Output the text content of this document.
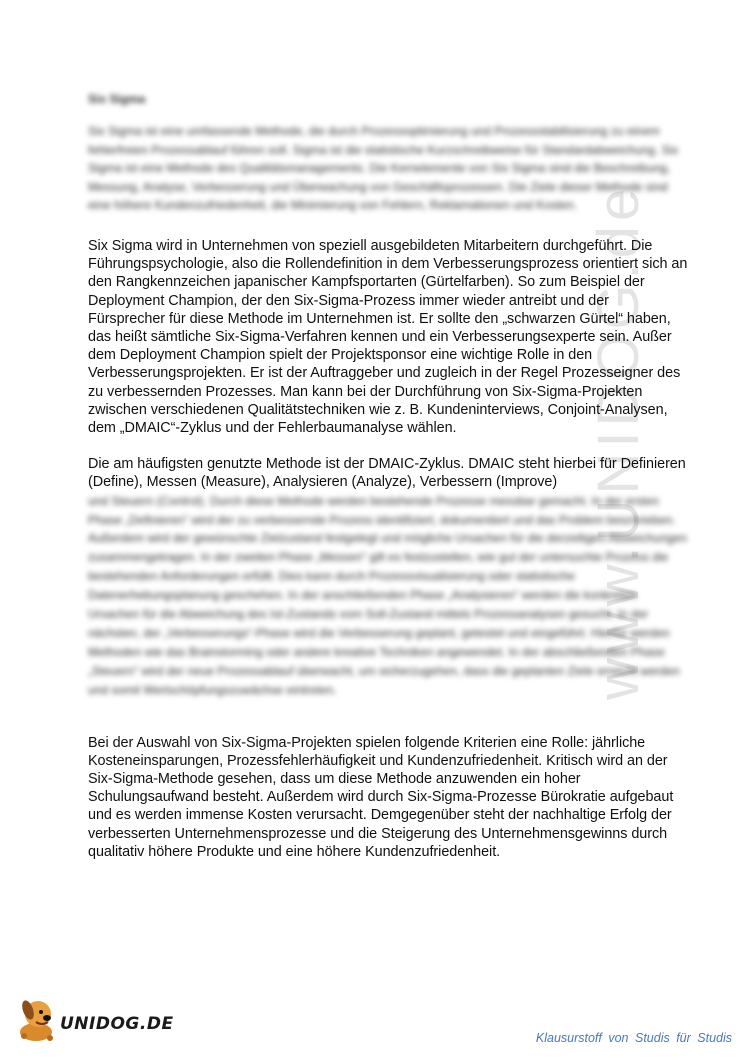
www.UNIDOG.de
Six Sigma

Six Sigma ist eine umfassende Methode, die durch Prozessoptimierung und Prozessstabilisierung zu einem fehlerfreien Prozessablauf führen soll. Sigma ist die statistische Kurzschreibweise für Standardabweichung. Six Sigma ist eine Methode des Qualitätsmanagements. Die Kernelemente von Six Sigma sind die Beschreibung, Messung, Analyse, Verbesserung und Überwachung von Geschäftsprozessen. Die Ziele dieser Methode sind eine höhere Kundenzufriedenheit, die Minimierung von Fehlern, Reklamationen und Kosten.

Six Sigma wird in Unternehmen von speziell ausgebildeten Mitarbeitern durchgeführt. Die Führungspsychologie, also die Rollendefinition in dem Verbesserungsprozess orientiert sich an den Rangkennzeichen japanischer Kampfsportarten (Gürtelfarben). So zum Beispiel der Deployment Champion, der den Six-Sigma-Prozess immer wieder antreibt und der Fürsprecher für diese Methode im Unternehmen ist. Er sollte den „schwarzen Gürtel“ haben, das heißt sämtliche Six-Sigma-Verfahren kennen und ein Verbesserungsexperte sein. Außer dem Deployment Champion spielt der Projektsponsor eine wichtige Rolle in den Verbesserungsprojekten. Er ist der Auftraggeber und zugleich in der Regel Prozesseigner des zu verbessernden Prozesses. Man kann bei der Durchführung von Six-Sigma-Projekten zwischen verschiedenen Qualitätstechniken wie z. B. Kundeninterviews, Conjoint-Analysen, dem „DMAIC“-Zyklus und der Fehlerbaumanalyse wählen.

Die am häufigsten genutzte Methode ist der DMAIC-Zyklus. DMAIC steht hierbei für Definieren (Define), Messen (Measure), Analysieren (Analyze), Verbessern (Improve)

und Steuern (Control). Durch diese Methode werden bestehende Prozesse messbar gemacht. In der ersten Phase „Definieren“ wird der zu verbessernde Prozess identifiziert, dokumentiert und das Problem beschrieben. Außerdem wird der gewünschte Zielzustand festgelegt und mögliche Ursachen für die derzeitigen Abweichungen zusammengetragen. In der zweiten Phase „Messen“ gilt es festzustellen, wie gut der untersuchte Prozess die bestehenden Anforderungen erfüllt. Dies kann durch Prozessvisualisierung oder statistische Datenerhebungsplanung geschehen. In der anschließenden Phase „Analysieren“ werden die konkreten Ursachen für die Abweichung des Ist-Zustands vom Soll-Zustand mittels Prozessanalysen gesucht. In der nächsten, der „Verbesserungs“-Phase wird die Verbesserung geplant, getestet und eingeführt. Hierfür werden Methoden wie das Brainstorming oder andere kreative Techniken angewendet. In der abschließenden Phase „Steuern“ wird der neue Prozessablauf überwacht, um sicherzugehen, dass die geplanten Ziele erreicht werden und somit Wertschöpfungszuwächse eintreten.

Bei der Auswahl von Six-Sigma-Projekten spielen folgende Kriterien eine Rolle: jährliche Kosteneinsparungen, Prozessfehlerhäufigkeit und Kundenzufriedenheit. Kritisch wird an der Six-Sigma-Methode gesehen, dass um diese Methode anzuwenden ein hoher Schulungsaufwand besteht. Außerdem wird durch Six-Sigma-Prozesse Bürokratie aufgebaut und es werden immense Kosten verursacht. Demgegenüber steht der nachhaltige Erfolg der verbesserten Unternehmensprozesse und die Steigerung des Unternehmensgewinns durch qualitativ höhere Produkte und eine höhere Kundenzufriedenheit.

UNIDOG.DE
Klausurstoff von Studis für Studis
